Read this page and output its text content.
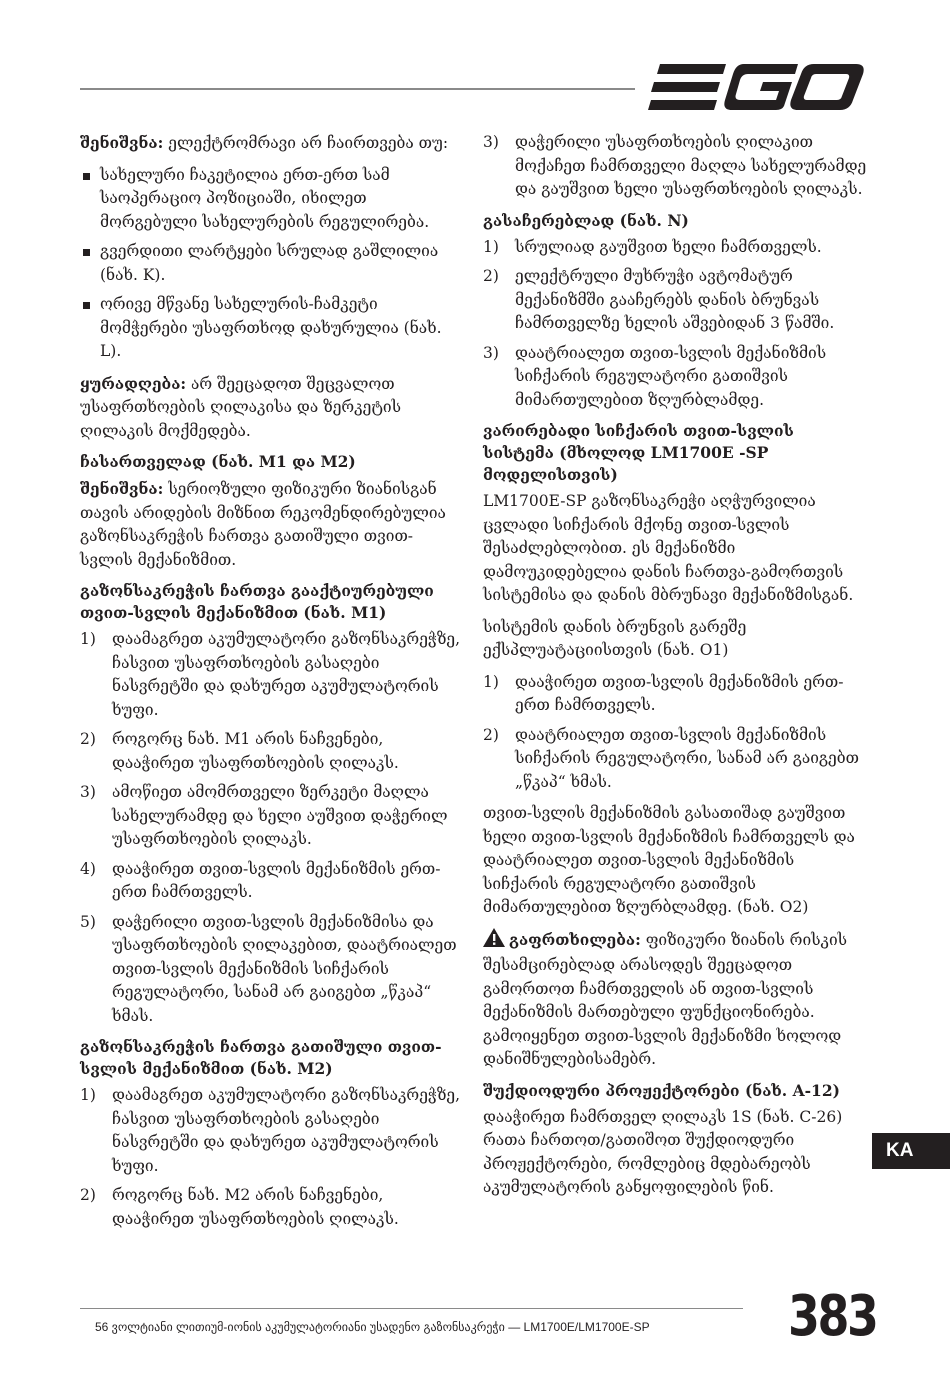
შენიშვნა: ელექტრომრავი არ ჩაირთვება თუ:

სახელური ჩაკეტილია ერთ-ერთ სამ საოპერაციო პოზიციაში, იხილეთ მორგებული სახელურების რეგულირება.
გვერდითი ლარტყები სრულად გაშლილია (ნახ. K).
ორივე მწვანე სახელურის-ჩამკეტი მომჭერები უსაფრთხოდ დახურულია (ნახ. L).

ყურადღება: არ შეეცადოთ შეცვალოთ უსაფრთხოების ღილაკისა და ზერკეტის ღილაკის მოქმედება.

ჩასართველად (ნახ. M1 და M2)

შენიშვნა: სერიოზული ფიზიკური ზიანისგან თავის არიდების მიზნით რეკომენდირებულია გაზონსაკრეჭის ჩართვა გათიშული თვით-სვლის მექანიზმით.

გაზონსაკრეჭის ჩართვა გააქტიურებული თვით-სვლის მექანიზმით (ნახ. M1)
1) დაამაგრეთ აკუმულატორი გაზონსაკრეჭზე, ჩასვით უსაფრთხოების გასაღები ნასვრეტში და დახურეთ აკუმულატორის ხუფი.
2) როგორც ნახ. M1 არის ნაჩვენები, დააჭირეთ უსაფრთხოების ღილაკს.
3) ამოწიეთ ამომრთველი ზერკეტი მაღლა სახელურამდე და ხელი აუშვით დაჭერილ უსაფრთხოების ღილაკს.
4) დააჭირეთ თვით-სვლის მექანიზმის ერთ-ერთ ჩამრთველს.
5) დაჭერილი თვით-სვლის მექანიზმისა და უსაფრთხოების ღილაკებით, დაატრიალეთ თვით-სვლის მექანიზმის სიჩქარის რეგულატორი, სანამ არ გაიგებთ „წკაპ“ ხმას.
გაზონსაკრეჭის ჩართვა გათიშული თვით-სვლის მექანიზმით (ნახ. M2)
1) დაამაგრეთ აკუმულატორი გაზონსაკრეჭზე, ჩასვით უსაფრთხოების გასაღები ნასვრეტში და დახურეთ აკუმულატორის ხუფი.
2) როგორც ნახ. M2 არის ნაჩვენები, დააჭირეთ უსაფრთხოების ღილაკს.
3) დაჭერილი უსაფრთხოების ღილაკით მოქაჩეთ ჩამრთველი მაღლა სახელურამდე და გაუშვით ხელი უსაფრთხოების ღილაკს.
გასაჩერებლად (ნახ. N)
1) სრულიად გაუშვით ხელი ჩამრთველს.
2) ელექტრული მუხრუჭი ავტომატურ მექანიზმში გააჩერებს დანის ბრუნვას ჩამრთველზე ხელის აშვებიდან 3 წამში.
3) დაატრიალეთ თვით-სვლის მექანიზმის სიჩქარის რეგულატორი გათიშვის მიმართულებით ზღურბლამდე.
ვარირებადი სიჩქარის თვით-სვლის სისტემა (მხოლოდ LM1700E -SP მოდელისთვის)

LM1700E-SP გაზონსაკრეჭი აღჭურვილია ცვლადი სიჩქარის მქონე თვით-სვლის შესაძლებლობით. ეს მექანიზმი დამოუკიდებელია დანის ჩართვა-გამორთვის სისტემისა და დანის მბრუნავი მექანიზმისგან.

სისტემის დანის ბრუნვის გარეშე ექსპლუატაციისთვის (ნახ. O1)

1) დააჭირეთ თვით-სვლის მექანიზმის ერთ-ერთ ჩამრთველს.
2) დაატრიალეთ თვით-სვლის მექანიზმის სიჩქარის რეგულატორი, სანამ არ გაიგებთ „წკაპ“ ხმას.

თვით-სვლის მექანიზმის გასათიშად გაუშვით ხელი თვით-სვლის მექანიზმის ჩამრთველს და დაატრიალეთ თვით-სვლის მექანიზმის სიჩქარის რეგულატორი გათიშვის მიმართულებით ზღურბლამდე. (ნახ. O2)

გაფრთხილება: ფიზიკური ზიანის რისკის შესამცირებლად არასოდეს შეეცადოთ გამორთოთ ჩამრთველის ან თვით-სვლის მექანიზმის მართებული ფუნქციონირება. გამოიყენეთ თვით-სვლის მექანიზმი ხოლოდ დანიშნულებისამებრ.

შუქდიოდური პროჟექტორები (ნახ. A-12)

დააჭირეთ ჩამრთველ ღილაკს 1S (ნახ. C-26) რათა ჩართოთ/გათიშოთ შუქდიოდური პროჟექტორები, რომლებიც მდებარეობს აკუმულატორის განყოფილების წინ.

KA
56 ვოლტიანი ლითიუმ-იონის აკუმულატორიანი უსადენო გაზონსაკრეჭი — LM1700E/LM1700E-SP	383
